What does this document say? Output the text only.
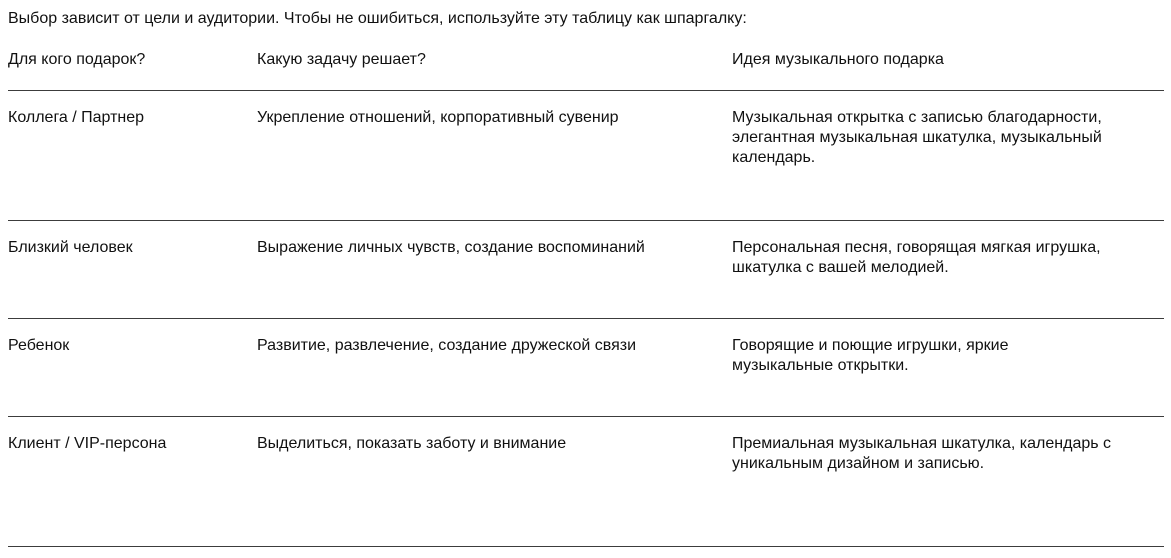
Выбор зависит от цели и аудитории. Чтобы не ошибиться, используйте эту таблицу как шпаргалку:
Для кого подарок?	Какую задачу решает?	Идея музыкального подарка
Коллега / Партнер	Укрепление отношений, корпоративный сувенир	Музыкальная открытка с записью благодарности, элегантная музыкальная шкатулка, музыкальный календарь.
Близкий человек	Выражение личных чувств, создание воспоминаний	Персональная песня, говорящая мягкая игрушка, шкатулка с вашей мелодией.
Ребенок	Развитие, развлечение, создание дружеской связи	Говорящие и поющие игрушки, яркие музыкальные открытки.
Клиент / VIP-персона	Выделиться, показать заботу и внимание	Премиальная музыкальная шкатулка, календарь с уникальным дизайном и записью.
